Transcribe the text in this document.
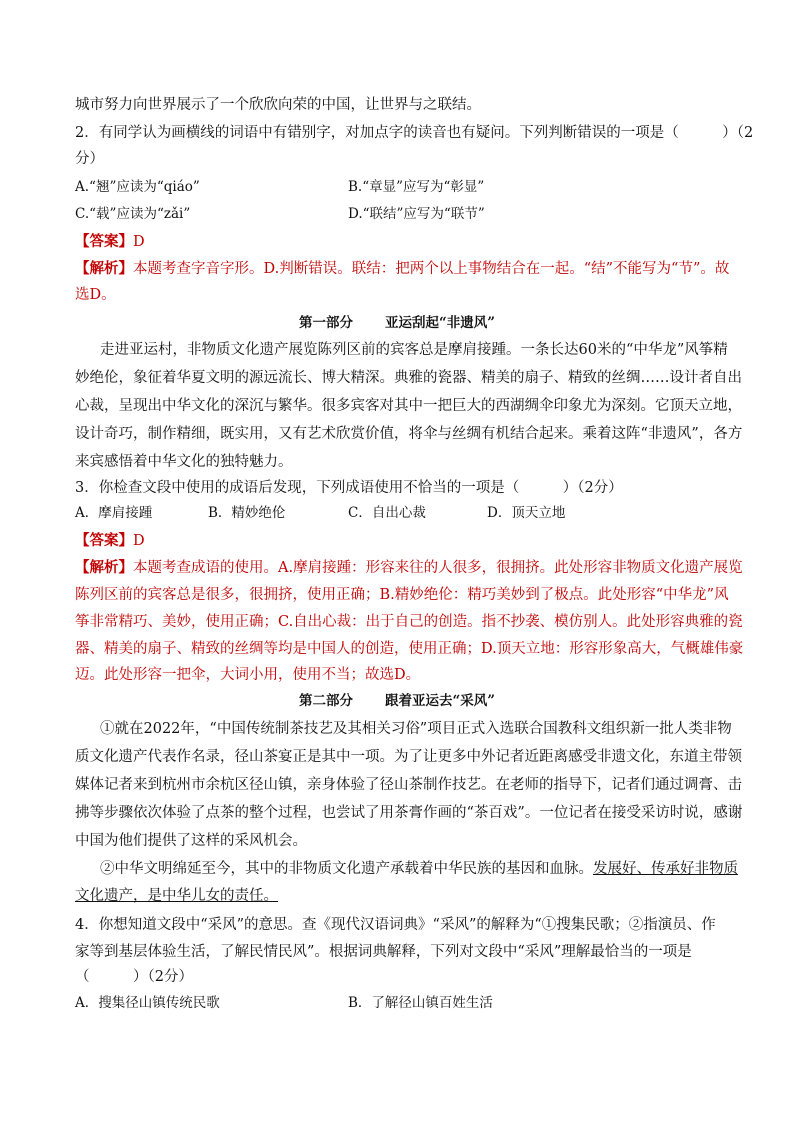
城市努力向世界展示了一个欣欣向荣的中国，让世界与之联结。
2．有同学认为画横线的词语中有错别字，对加点字的读音也有疑问。下列判断错误的一项是（　　　）（2
分）
A.“翘”应读为“qiáo”	B.“章显”应写为“彰显”
C.“载”应读为“zǎi”	D.“联结”应写为“联节”
【答案】D
【解析】本题考查字音字形。D.判断错误。联结：把两个以上事物结合在一起。“结”不能写为“节”。故
选D。
第一部分 亚运刮起“非遗风”
走进亚运村，非物质文化遗产展览陈列区前的宾客总是摩肩接踵。一条长达60米的“中华龙”风筝精
妙绝伦，象征着华夏文明的源远流长、博大精深。典雅的瓷器、精美的扇子、精致的丝绸……设计者自出
心裁，呈现出中华文化的深沉与繁华。很多宾客对其中一把巨大的西湖绸伞印象尤为深刻。它顶天立地，
设计奇巧，制作精细，既实用，又有艺术欣赏价值，将伞与丝绸有机结合起来。乘着这阵“非遗风”，各方
来宾感悟着中华文化的独特魅力。
3．你检查文段中使用的成语后发现，下列成语使用不恰当的一项是（　　　）（2分）
A．摩肩接踵	B．精妙绝伦	C．自出心裁	D．顶天立地
【答案】D
【解析】本题考查成语的使用。A.摩肩接踵：形容来往的人很多，很拥挤。此处形容非物质文化遗产展览
陈列区前的宾客总是很多，很拥挤，使用正确；B.精妙绝伦：精巧美妙到了极点。此处形容“中华龙”风
筝非常精巧、美妙，使用正确；C.自出心裁：出于自己的创造。指不抄袭、模仿别人。此处形容典雅的瓷
器、精美的扇子、精致的丝绸等均是中国人的创造，使用正确；D.顶天立地：形容形象高大，气概雄伟豪
迈。此处形容一把伞，大词小用，使用不当；故选D。
第二部分 跟着亚运去“采风”
①就在2022年，“中国传统制茶技艺及其相关习俗”项目正式入选联合国教科文组织新一批人类非物
质文化遗产代表作名录，径山茶宴正是其中一项。为了让更多中外记者近距离感受非遗文化，东道主带领
媒体记者来到杭州市余杭区径山镇，亲身体验了径山茶制作技艺。在老师的指导下，记者们通过调膏、击
拂等步骤依次体验了点茶的整个过程，也尝试了用茶膏作画的“茶百戏”。一位记者在接受采访时说，感谢
中国为他们提供了这样的采风机会。
②中华文明绵延至今，其中的非物质文化遗产承载着中华民族的基因和血脉。发展好、传承好非物质
文化遗产，是中华儿女的责任。
4．你想知道文段中“采风”的意思。查《现代汉语词典》“采风”的解释为“①搜集民歌；②指演员、作
家等到基层体验生活，了解民情民风”。根据词典解释，下列对文段中“采风”理解最恰当的一项是
（　　　）（2分）
A．搜集径山镇传统民歌	B．了解径山镇百姓生活
